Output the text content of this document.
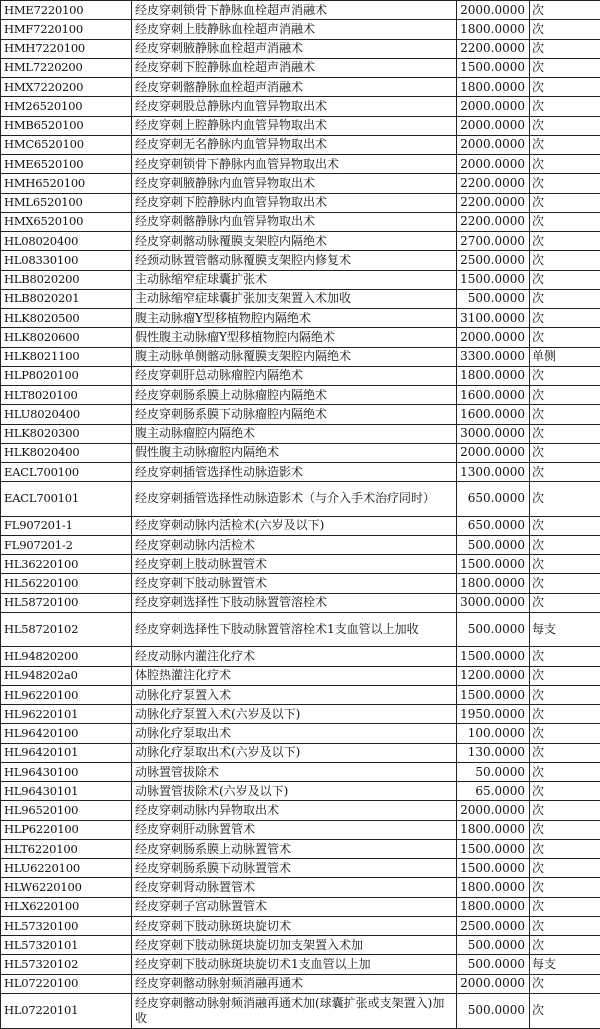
HME7220100	经皮穿刺锁骨下静脉血栓超声消融术	2000.0000	次
HMF7220100	经皮穿刺上肢静脉血栓超声消融术	1800.0000	次
HMH7220100	经皮穿刺腋静脉血栓超声消融术	2200.0000	次
HML7220200	经皮穿刺下腔静脉血栓超声消融术	1500.0000	次
HMX7220200	经皮穿刺髂静脉血栓超声消融术	1800.0000	次
HM26520100	经皮穿刺股总静脉内血管异物取出术	2000.0000	次
HMB6520100	经皮穿刺上腔静脉内血管异物取出术	2000.0000	次
HMC6520100	经皮穿刺无名静脉内血管异物取出术	2000.0000	次
HME6520100	经皮穿刺锁骨下静脉内血管异物取出术	2000.0000	次
HMH6520100	经皮穿刺腋静脉内血管异物取出术	2200.0000	次
HML6520100	经皮穿刺下腔静脉内血管异物取出术	2200.0000	次
HMX6520100	经皮穿刺髂静脉内血管异物取出术	2200.0000	次
HL08020400	经皮穿刺髂动脉覆膜支架腔内隔绝术	2700.0000	次
HL08330100	经颈动脉置管髂动脉覆膜支架腔内修复术	2500.0000	次
HLB8020200	主动脉缩窄症球囊扩张术	1500.0000	次
HLB8020201	主动脉缩窄症球囊扩张加支架置入术加收	500.0000	次
HLK8020500	腹主动脉瘤Y型移植物腔内隔绝术	3100.0000	次
HLK8020600	假性腹主动脉瘤Y型移植物腔内隔绝术	2000.0000	次
HLK8021100	腹主动脉单侧髂动脉覆膜支架腔内隔绝术	3300.0000	单侧
HLP8020100	经皮穿刺肝总动脉瘤腔内隔绝术	1800.0000	次
HLT8020100	经皮穿刺肠系膜上动脉瘤腔内隔绝术	1600.0000	次
HLU8020400	经皮穿刺肠系膜下动脉瘤腔内隔绝术	1600.0000	次
HLK8020300	腹主动脉瘤腔内隔绝术	3000.0000	次
HLK8020400	假性腹主动脉瘤腔内隔绝术	2000.0000	次
EACL700100	经皮穿刺插管选择性动脉造影术	1300.0000	次
EACL700101	经皮穿刺插管选择性动脉造影术（与介入手术治疗同时）	650.0000	次
FL907201-1	经皮穿刺动脉内活检术(六岁及以下)	650.0000	次
FL907201-2	经皮穿刺动脉内活检术	500.0000	次
HL36220100	经皮穿刺上肢动脉置管术	1500.0000	次
HL56220100	经皮穿刺下肢动脉置管术	1800.0000	次
HL58720100	经皮穿刺选择性下肢动脉置管溶栓术	3000.0000	次
HL58720102	经皮穿刺选择性下肢动脉置管溶栓术1支血管以上加收	500.0000	每支
HL94820200	经皮动脉内灌注化疗术	1500.0000	次
HL948202a0	体腔热灌注化疗术	1200.0000	次
HL96220100	动脉化疗泵置入术	1500.0000	次
HL96220101	动脉化疗泵置入术(六岁及以下)	1950.0000	次
HL96420100	动脉化疗泵取出术	100.0000	次
HL96420101	动脉化疗泵取出术(六岁及以下)	130.0000	次
HL96430100	动脉置管拔除术	50.0000	次
HL96430101	动脉置管拔除术(六岁及以下)	65.0000	次
HL96520100	经皮穿刺动脉内异物取出术	2000.0000	次
HLP6220100	经皮穿刺肝动脉置管术	1800.0000	次
HLT6220100	经皮穿刺肠系膜上动脉置管术	1500.0000	次
HLU6220100	经皮穿刺肠系膜下动脉置管术	1500.0000	次
HLW6220100	经皮穿刺肾动脉置管术	1800.0000	次
HLX6220100	经皮穿刺子宫动脉置管术	1800.0000	次
HL57320100	经皮穿刺下肢动脉斑块旋切术	2500.0000	次
HL57320101	经皮穿刺下肢动脉斑块旋切加支架置入术加	500.0000	次
HL57320102	经皮穿刺下肢动脉斑块旋切术1支血管以上加	500.0000	每支
HL07220100	经皮穿刺髂动脉射频消融再通术	2000.0000	次
HL07220101	经皮穿刺髂动脉射频消融再通术加(球囊扩张或支架置入)加收	500.0000	次
